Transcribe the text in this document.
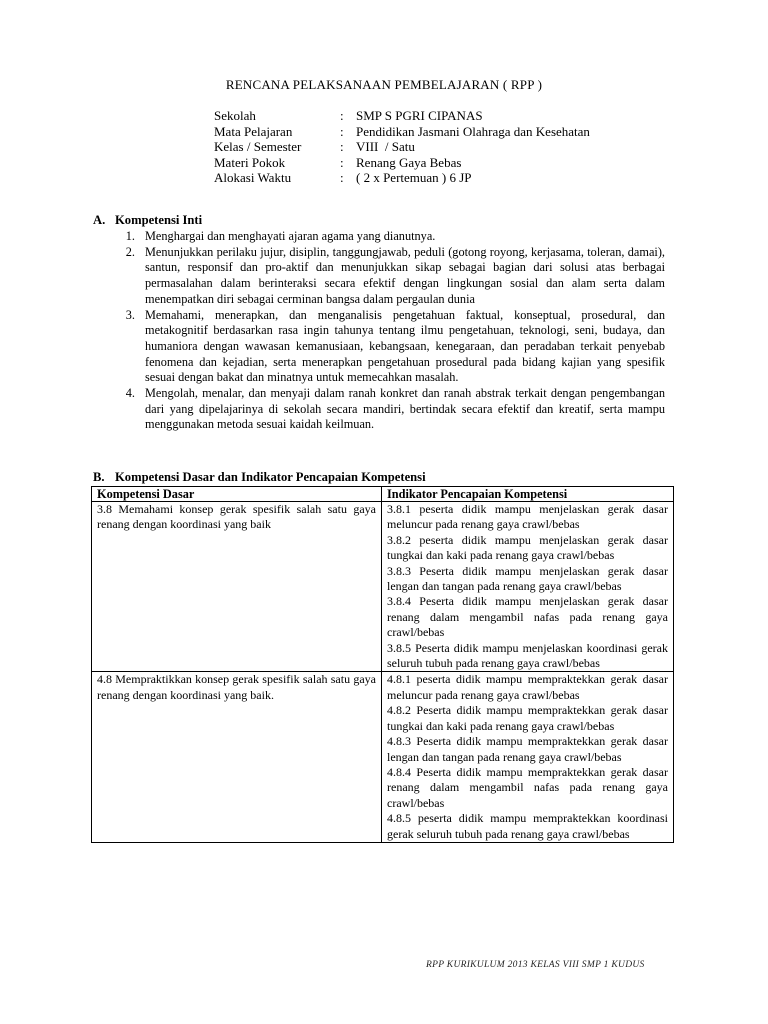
RENCANA PELAKSANAAN PEMBELAJARAN ( RPP )
Sekolah	: SMP S PGRI CIPANAS
Mata Pelajaran	: Pendidikan Jasmani Olahraga dan Kesehatan
Kelas / Semester	: VIII  / Satu
Materi Pokok	: Renang Gaya Bebas
Alokasi Waktu	: ( 2 x Pertemuan ) 6 JP
A. Kompetensi Inti
1. Menghargai dan menghayati ajaran agama yang dianutnya.
2. Menunjukkan perilaku jujur, disiplin, tanggungjawab, peduli (gotong royong, kerjasama, toleran, damai), santun, responsif dan pro-aktif dan menunjukkan sikap sebagai bagian dari solusi atas berbagai permasalahan dalam berinteraksi secara efektif dengan lingkungan sosial dan alam serta dalam menempatkan diri sebagai cerminan bangsa dalam pergaulan dunia
3. Memahami, menerapkan, dan menganalisis pengetahuan faktual, konseptual, prosedural, dan metakognitif berdasarkan rasa ingin tahunya tentang ilmu pengetahuan, teknologi, seni, budaya, dan humaniora dengan wawasan kemanusiaan, kebangsaan, kenegaraan, dan peradaban terkait penyebab fenomena dan kejadian, serta menerapkan pengetahuan prosedural pada bidang kajian yang spesifik sesuai dengan bakat dan minatnya untuk memecahkan masalah.
4. Mengolah, menalar, dan menyaji dalam ranah konkret dan ranah abstrak terkait dengan pengembangan dari yang dipelajarinya di sekolah secara mandiri, bertindak secara efektif dan kreatif, serta mampu menggunakan metoda sesuai kaidah keilmuan.
B. Kompetensi Dasar dan Indikator Pencapaian Kompetensi
Kompetensi Dasar	Indikator Pencapaian Kompetensi
3.8 Memahami konsep gerak spesifik salah satu gaya renang dengan koordinasi yang baik	3.8.1 peserta didik mampu menjelaskan gerak dasar meluncur pada renang gaya crawl/bebas
3.8.2 peserta didik mampu menjelaskan gerak dasar tungkai dan kaki pada renang gaya crawl/bebas
3.8.3 Peserta didik mampu menjelaskan gerak dasar lengan dan tangan pada renang gaya crawl/bebas
3.8.4 Peserta didik mampu menjelaskan gerak dasar renang dalam mengambil nafas pada renang gaya crawl/bebas
3.8.5 Peserta didik mampu menjelaskan koordinasi gerak seluruh tubuh pada renang gaya crawl/bebas

4.8 Mempraktikkan konsep gerak spesifik salah satu gaya renang dengan koordinasi yang baik.	4.8.1 peserta didik mampu mempraktekkan gerak dasar meluncur pada renang gaya crawl/bebas
4.8.2 Peserta didik mampu mempraktekkan gerak dasar tungkai dan kaki pada renang gaya crawl/bebas
4.8.3 Peserta didik mampu mempraktekkan gerak dasar lengan dan tangan pada renang gaya crawl/bebas
4.8.4 Peserta didik mampu mempraktekkan gerak dasar renang dalam mengambil nafas pada renang gaya crawl/bebas
4.8.5 peserta didik mampu mempraktekkan koordinasi gerak seluruh tubuh pada renang gaya crawl/bebas
RPP KURIKULUM 2013 KELAS VIII SMP 1 KUDUS
